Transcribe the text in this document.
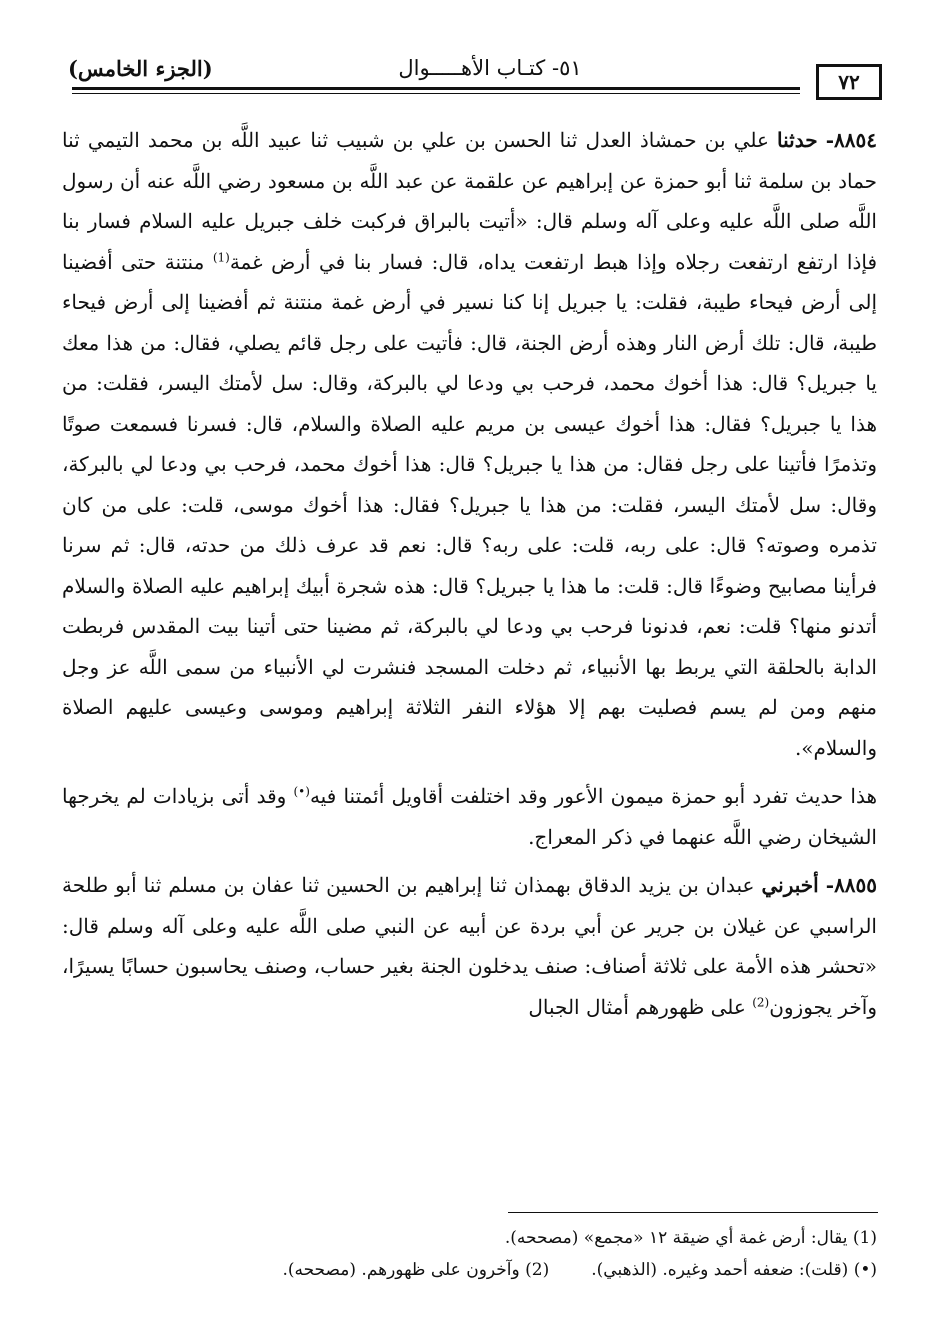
(الجزء الخامس)	٥١- كتـاب الأهـــــوال
٧٢

٨٨٥٤- حدثنا علي بن حمشاذ العدل ثنا الحسن بن علي بن شبيب ثنا عبيد اللَّه بن محمد التيمي ثنا حماد بن سلمة ثنا أبو حمزة عن إبراهيم عن علقمة عن عبد اللَّه بن مسعود رضي اللَّه عنه أن رسول اللَّه صلى اللَّه عليه وعلى آله وسلم قال: «أتيت بالبراق فركبت خلف جبريل عليه السلام فسار بنا فإذا ارتفع ارتفعت رجلاه وإذا هبط ارتفعت يداه، قال: فسار بنا في أرض غمة$^{(1)}$ منتنة حتى أفضينا إلى أرض فيحاء طيبة، فقلت: يا جبريل إنا كنا نسير في أرض غمة منتنة ثم أفضينا إلى أرض فيحاء طيبة، قال: تلك أرض النار وهذه أرض الجنة، قال: فأتيت على رجل قائم يصلي، فقال: من هذا معك يا جبريل؟ قال: هذا أخوك محمد، فرحب بي ودعا لي بالبركة، وقال: سل لأمتك اليسر، فقلت: من هذا يا جبريل؟ فقال: هذا أخوك عيسى بن مريم عليه الصلاة والسلام، قال: فسرنا فسمعت صوتًا وتذمرًا فأتينا على رجل فقال: من هذا يا جبريل؟ قال: هذا أخوك محمد، فرحب بي ودعا لي بالبركة، وقال: سل لأمتك اليسر، فقلت: من هذا يا جبريل؟ فقال: هذا أخوك موسى، قلت: على من كان تذمره وصوته؟ قال: على ربه، قلت: على ربه؟ قال: نعم قد عرف ذلك من حدته، قال: ثم سرنا فرأينا مصابيح وضوءًا قال: قلت: ما هذا يا جبريل؟ قال: هذه شجرة أبيك إبراهيم عليه الصلاة والسلام أتدنو منها؟ قلت: نعم، فدنونا فرحب بي ودعا لي بالبركة، ثم مضينا حتى أتينا بيت المقدس فربطت الدابة بالحلقة التي يربط بها الأنبياء، ثم دخلت المسجد فنشرت لي الأنبياء من سمى اللَّه عز وجل منهم ومن لم يسم فصليت بهم إلا هؤلاء النفر الثلاثة إبراهيم وموسى وعيسى عليهم الصلاة والسلام».

هذا حديث تفرد أبو حمزة ميمون الأعور وقد اختلفت أقاويل أئمتنا فيه(•) وقد أتى بزيادات لم يخرجها الشيخان رضي اللَّه عنهما في ذكر المعراج.

٨٨٥٥- أخبرني عبدان بن يزيد الدقاق بهمذان ثنا إبراهيم بن الحسين ثنا عفان بن مسلم ثنا أبو طلحة الراسبي عن غيلان بن جرير عن أبي بردة عن أبيه عن النبي صلى اللَّه عليه وعلى آله وسلم قال: «تحشر هذه الأمة على ثلاثة أصناف: صنف يدخلون الجنة بغير حساب، وصنف يحاسبون حسابًا يسيرًا، وآخر يجوزون$^{(2)}$ على ظهورهم أمثال الجبال

(1) يقال: أرض غمة أي ضيقة ١٢ «مجمع» (مصححه).
(•) (قلت): ضعفه أحمد وغيره. (الذهبي).(2) وآخرون على ظهورهم. (مصححه).
